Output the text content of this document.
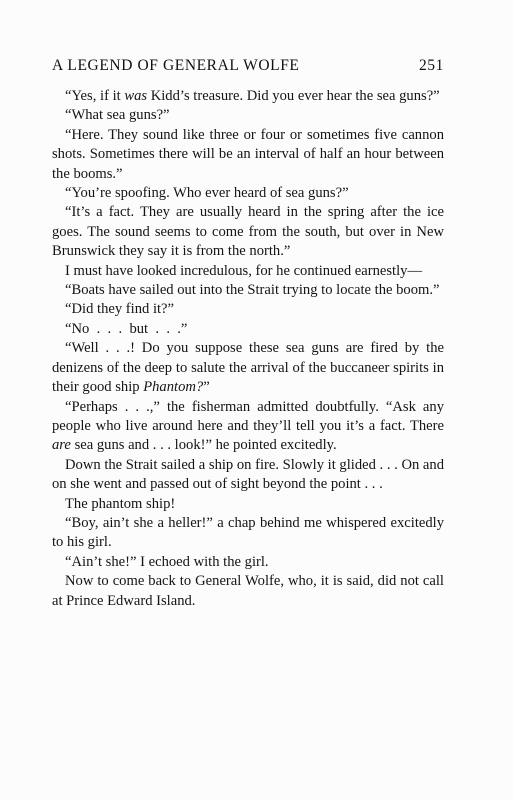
A LEGEND OF GENERAL WOLFE	251

“Yes, if it was Kidd’s treasure. Did you ever hear the sea guns?”

“What sea guns?”

“Here. They sound like three or four or sometimes five cannon shots. Sometimes there will be an interval of half an hour between the booms.”

“You’re spoofing. Who ever heard of sea guns?”

“It’s a fact. They are usually heard in the spring after the ice goes. The sound seems to come from the south, but over in New Brunswick they say it is from the north.”

I must have looked incredulous, for he continued earnestly—

“Boats have sailed out into the Strait trying to locate the boom.”

“Did they find it?”

“No  .  .  .  but  .  .  .”

“Well . . .! Do you suppose these sea guns are fired by the denizens of the deep to salute the arrival of the buccaneer spirits in their good ship Phantom?”

“Perhaps . . .,” the fisherman admitted doubtfully. “Ask any people who live around here and they’ll tell you it’s a fact. There are sea guns and . . . look!” he pointed excitedly.

Down the Strait sailed a ship on fire. Slowly it glided . . . On and on she went and passed out of sight beyond the point . . .

The phantom ship!

“Boy, ain’t she a heller!” a chap behind me whispered excitedly to his girl.

“Ain’t she!” I echoed with the girl.

Now to come back to General Wolfe, who, it is said, did not call at Prince Edward Island.
